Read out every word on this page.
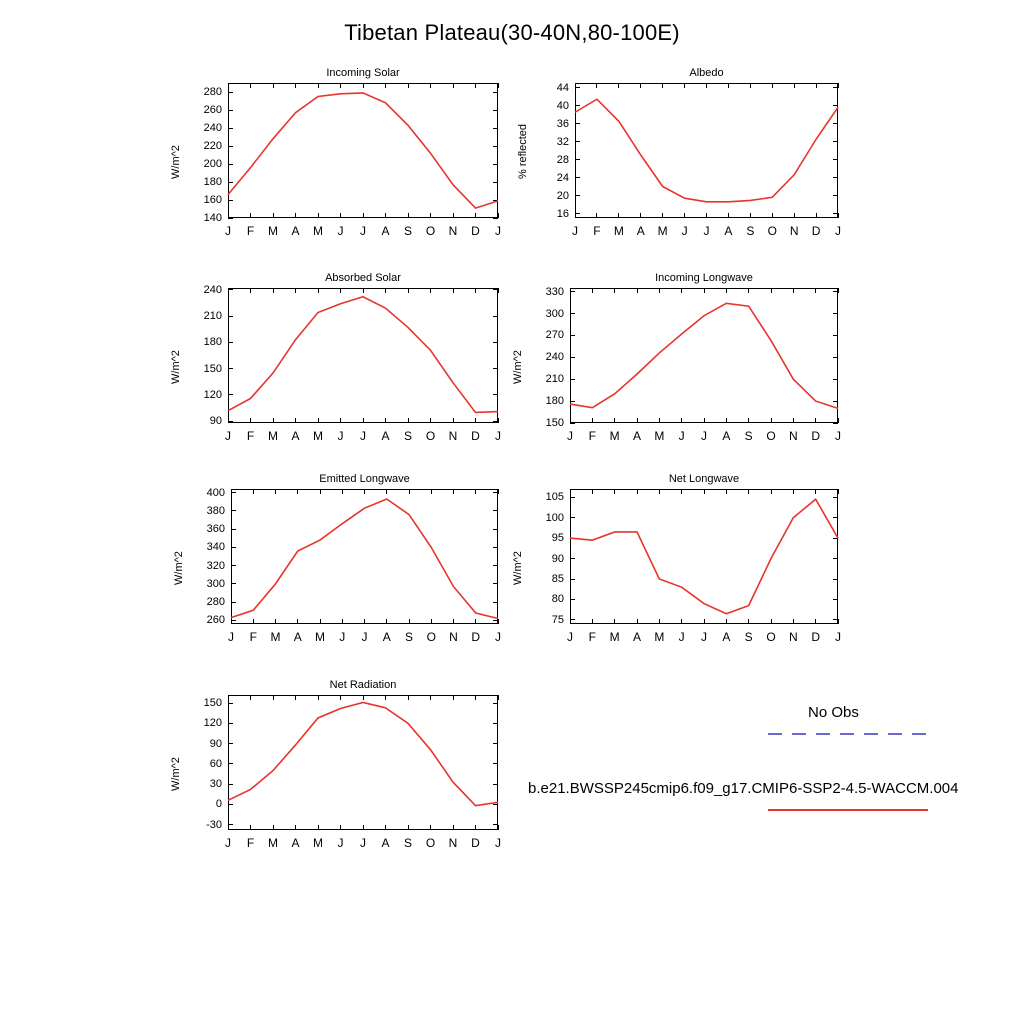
Tibetan Plateau(30-40N,80-100E)
Incoming Solar
140
160
180
200
220
240
260
280
J	F	M	A	M	J	J	A	S	O	N	D	J
W/m^2
Albedo
16
20
24
28
32
36
40
44
J	F	M	A	M	J	J	A	S	O	N	D	J
% reflected
Absorbed Solar
90
120
150
180
210
240
J	F	M	A	M	J	J	A	S	O	N	D	J
W/m^2
Incoming Longwave
150
180
210
240
270
300
330
J	F	M	A	M	J	J	A	S	O	N	D	J
W/m^2
Emitted Longwave
260
280
300
320
340
360
380
400
J	F	M	A	M	J	J	A	S	O	N	D	J
W/m^2
Net Longwave
75
80
85
90
95
100
105
J	F	M	A	M	J	J	A	S	O	N	D	J
W/m^2
Net Radiation
-30
0
30
60
90
120
150
J	F	M	A	M	J	J	A	S	O	N	D	J
W/m^2
No Obs
b.e21.BWSSP245cmip6.f09_g17.CMIP6-SSP2-4.5-WACCM.004
